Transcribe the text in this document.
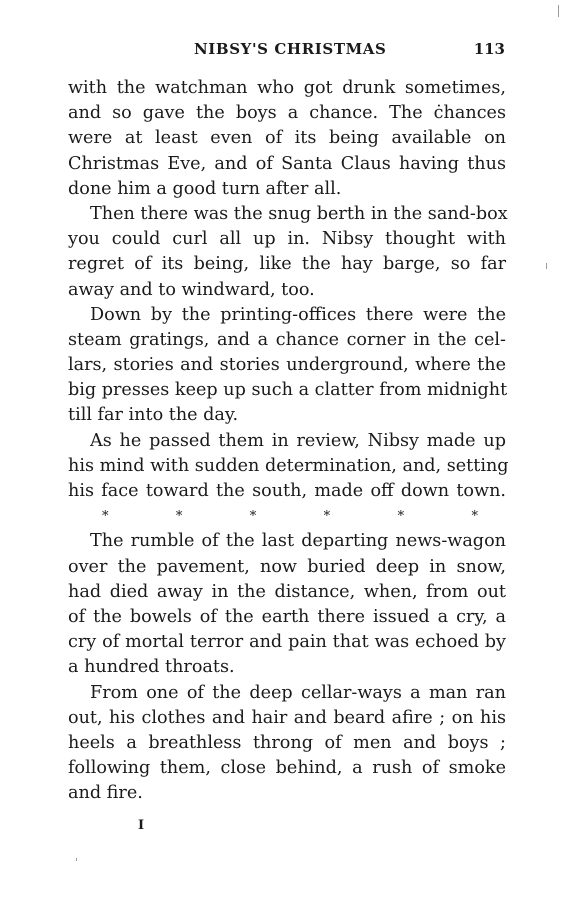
NIBSY'S CHRISTMAS	113
with the watchman who got drunk sometimes,
and so gave the boys a chance. The ċhances
were at least even of its being available on
Christmas Eve, and of Santa Claus having thus
done him a good turn after all.
Then there was the snug berth in the sand-box
you could curl all up in. Nibsy thought with
regret of its being, like the hay barge, so far
away and to windward, too.
Down by the printing-offices there were the
steam gratings, and a chance corner in the cel-
lars, stories and stories underground, where the
big presses keep up such a clatter from midnight
till far into the day.
As he passed them in review, Nibsy made up
his mind with sudden determination, and, setting
his face toward the south, made off down town.
*	*	*	*	*	*
The rumble of the last departing news-wagon
over the pavement, now buried deep in snow,
had died away in the distance, when, from out
of the bowels of the earth there issued a cry, a
cry of mortal terror and pain that was echoed by
a hundred throats.
From one of the deep cellar-ways a man ran
out, his clothes and hair and beard afire ; on his
heels a breathless throng of men and boys ;
following them, close behind, a rush of smoke
and fire.
I
